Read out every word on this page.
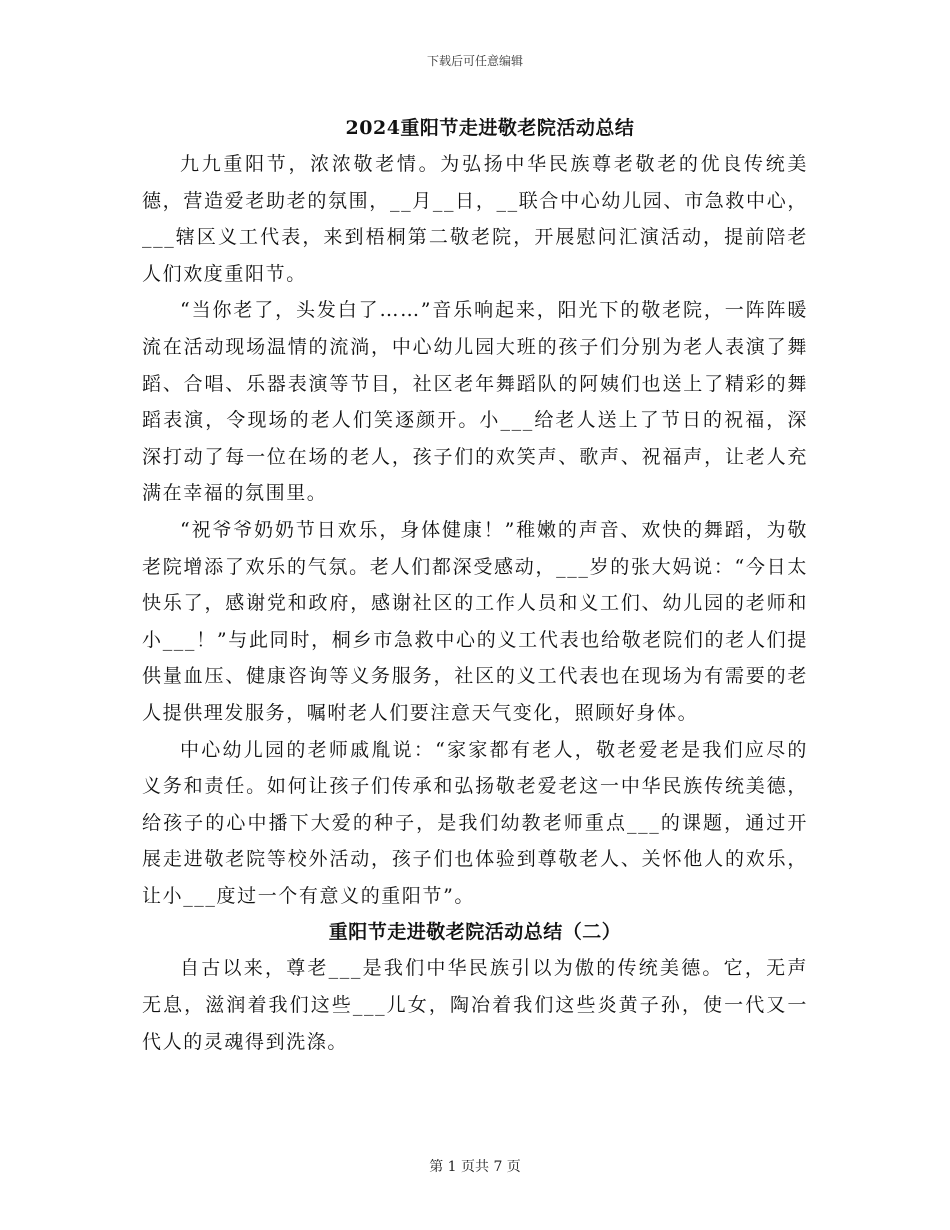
下载后可任意编辑
2024重阳节走进敬老院活动总结

九九重阳节，浓浓敬老情。为弘扬中华民族尊老敬老的优良传统美德，营造爱老助老的氛围，__月__日，__联合中心幼儿园、市急救中心，___辖区义工代表，来到梧桐第二敬老院，开展慰问汇演活动，提前陪老人们欢度重阳节。

“当你老了，头发白了……”音乐响起来，阳光下的敬老院，一阵阵暖流在活动现场温情的流淌，中心幼儿园大班的孩子们分别为老人表演了舞蹈、合唱、乐器表演等节目，社区老年舞蹈队的阿姨们也送上了精彩的舞蹈表演，令现场的老人们笑逐颜开。小___给老人送上了节日的祝福，深深打动了每一位在场的老人，孩子们的欢笑声、歌声、祝福声，让老人充满在幸福的氛围里。

“祝爷爷奶奶节日欢乐，身体健康！”稚嫩的声音、欢快的舞蹈，为敬老院增添了欢乐的气氛。老人们都深受感动，___岁的张大妈说：“今日太快乐了，感谢党和政府，感谢社区的工作人员和义工们、幼儿园的老师和小___！”与此同时，桐乡市急救中心的义工代表也给敬老院们的老人们提供量血压、健康咨询等义务服务，社区的义工代表也在现场为有需要的老人提供理发服务，嘱咐老人们要注意天气变化，照顾好身体。

中心幼儿园的老师戚胤说：“家家都有老人，敬老爱老是我们应尽的义务和责任。如何让孩子们传承和弘扬敬老爱老这一中华民族传统美德，给孩子的心中播下大爱的种子，是我们幼教老师重点___的课题，通过开展走进敬老院等校外活动，孩子们也体验到尊敬老人、关怀他人的欢乐，让小___度过一个有意义的重阳节”。

重阳节走进敬老院活动总结（二）

自古以来，尊老___是我们中华民族引以为傲的传统美德。它，无声无息，滋润着我们这些___儿女，陶冶着我们这些炎黄子孙，使一代又一代人的灵魂得到洗涤。

第 1 页共 7 页
